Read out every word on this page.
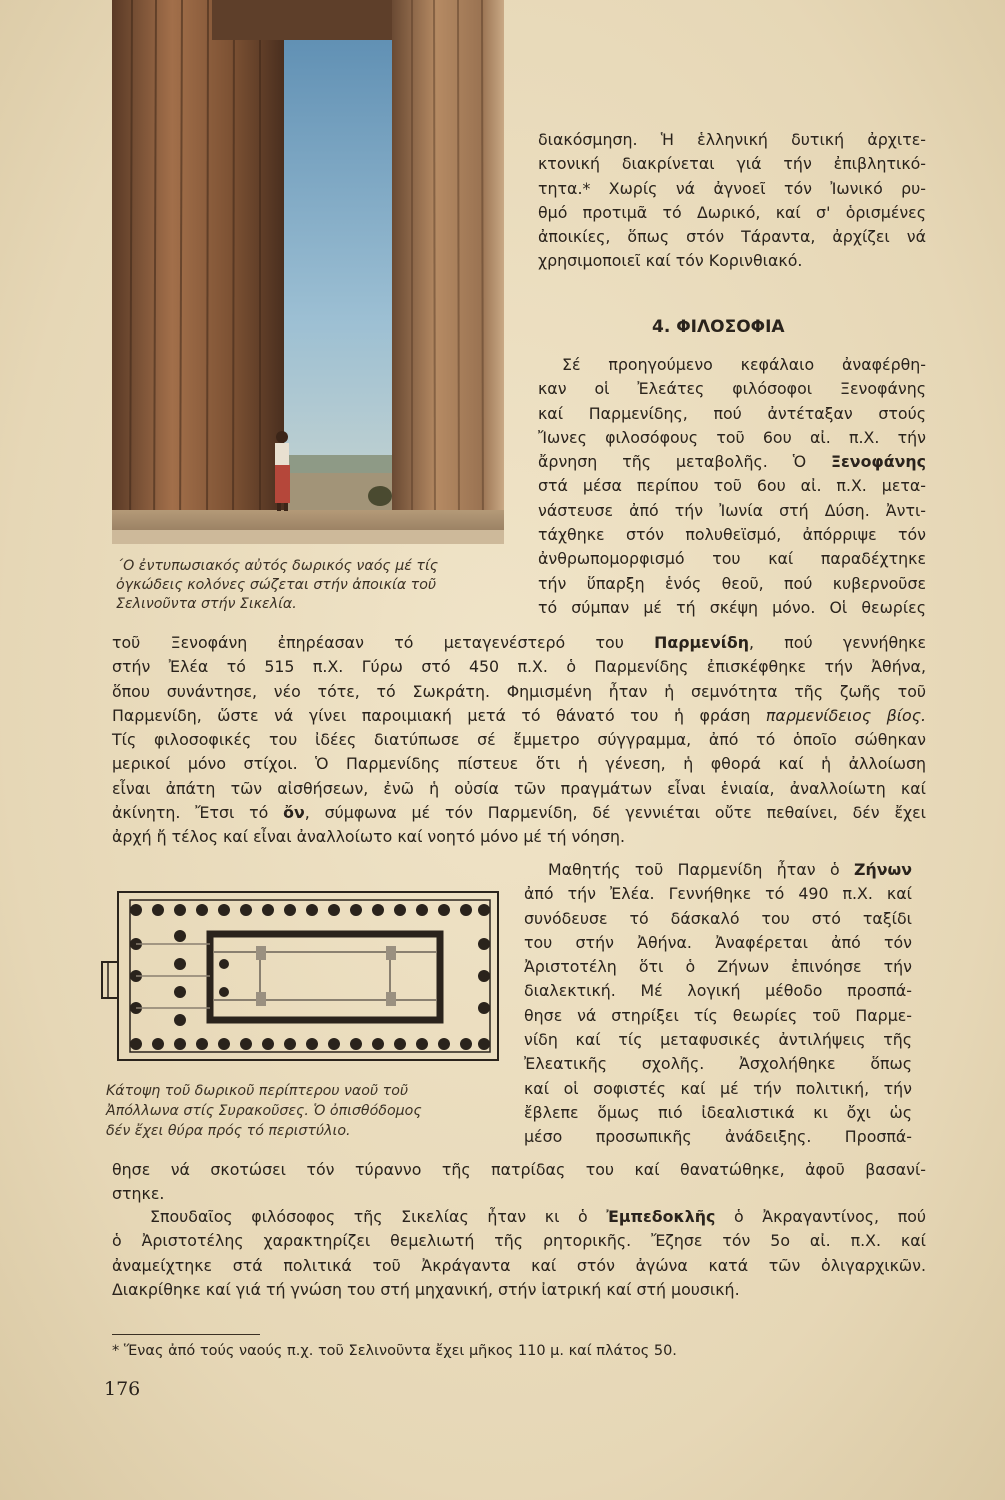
΄Ο ἐντυπωσιακός αὐτός δωρικός ναός μέ τίς
ὀγκώδεις κολόνες σώζεται στήν ἀποικία τοῦ
Σελινοῦντα στήν Σικελία.
διακόσμηση. Ἡ ἑλληνική δυτική ἀρχιτε-
κτονική διακρίνεται γιά τήν ἐπιβλητικό-
τητα.* Χωρίς νά ἀγνοεῖ τόν Ἰωνικό ρυ-
θμό προτιμᾶ τό Δωρικό, καί σ' ὁρισμένες
ἀποικίες, ὅπως στόν Τάραντα, ἀρχίζει νά
χρησιμοποιεῖ καί τόν Κορινθιακό.
4. ΦΙΛΟΣΟΦΙΑ
Σέ προηγούμενο κεφάλαιο ἀναφέρθη-
καν οἱ Ἐλεάτες φιλόσοφοι Ξενοφάνης
καί Παρμενίδης, πού ἀντέταξαν στούς
Ἴωνες φιλοσόφους τοῦ 6ου αἰ. π.Χ. τήν
ἄρνηση τῆς μεταβολῆς. Ὁ Ξενοφάνης
στά μέσα περίπου τοῦ 6ου αἰ. π.Χ. μετα-
νάστευσε ἀπό τήν Ἰωνία στή Δύση. Ἀντι-
τάχθηκε στόν πολυθεϊσμό, ἀπόρριψε τόν
ἀνθρωπομορφισμό του καί παραδέχτηκε
τήν ὕπαρξη ἑνός θεοῦ, πού κυβερνοῦσε
τό σύμπαν μέ τή σκέψη μόνο. Οἱ θεωρίες
τοῦ Ξενοφάνη ἐπηρέασαν τό μεταγενέστερό του Παρμενίδη, πού γεννήθηκε
στήν Ἐλέα τό 515 π.Χ. Γύρω στό 450 π.Χ. ὁ Παρμενίδης ἐπισκέφθηκε τήν Ἀθήνα,
ὅπου συνάντησε, νέο τότε, τό Σωκράτη. Φημισμένη ἦταν ἡ σεμνότητα τῆς ζωῆς τοῦ
Παρμενίδη, ὥστε νά γίνει παροιμιακή μετά τό θάνατό του ἡ φράση παρμενίδειος βίος.
Τίς φιλοσοφικές του ἰδέες διατύπωσε σέ ἔμμετρο σύγγραμμα, ἀπό τό ὁποῖο σώθηκαν
μερικοί μόνο στίχοι. Ὁ Παρμενίδης πίστευε ὅτι ἡ γένεση, ἡ φθορά καί ἡ ἀλλοίωση
εἶναι ἀπάτη τῶν αἰσθήσεων, ἐνῶ ἡ οὐσία τῶν πραγμάτων εἶναι ἑνιαία, ἀναλλοίωτη καί
ἀκίνητη. Ἔτσι τό ὄν, σύμφωνα μέ τόν Παρμενίδη, δέ γεννιέται οὔτε πεθαίνει, δέν ἔχει
ἀρχή ἤ τέλος καί εἶναι ἀναλλοίωτο καί νοητό μόνο μέ τή νόηση.
Κάτοψη τοῦ δωρικοῦ περίπτερου ναοῦ τοῦ
Ἀπόλλωνα στίς Συρακοῦσες. Ὁ ὀπισθόδομος
δέν ἔχει θύρα πρός τό περιστύλιο.
Μαθητής τοῦ Παρμενίδη ἦταν ὁ Ζήνων
ἀπό τήν Ἐλέα. Γεννήθηκε τό 490 π.Χ. καί
συνόδευσε τό δάσκαλό του στό ταξίδι
του στήν Ἀθήνα. Ἀναφέρεται ἀπό τόν
Ἀριστοτέλη ὅτι ὁ Ζήνων ἐπινόησε τήν
διαλεκτική. Μέ λογική μέθοδο προσπά-
θησε νά στηρίξει τίς θεωρίες τοῦ Παρμε-
νίδη καί τίς μεταφυσικές ἀντιλήψεις τῆς
Ἐλεατικῆς σχολῆς. Ἀσχολήθηκε ὅπως
καί οἱ σοφιστές καί μέ τήν πολιτική, τήν
ἔβλεπε ὅμως πιό ἰδεαλιστικά κι ὄχι ὡς
μέσο προσωπικῆς ἀνάδειξης. Προσπά-
θησε νά σκοτώσει τόν τύραννο τῆς πατρίδας του καί θανατώθηκε, ἀφοῦ βασανί-
στηκε.
Σπουδαῖος φιλόσοφος τῆς Σικελίας ἦταν κι ὁ Ἐμπεδοκλῆς ὁ Ἀκραγαντίνος, πού
ὁ Ἀριστοτέλης χαρακτηρίζει θεμελιωτή τῆς ρητορικῆς. Ἔζησε τόν 5ο αἰ. π.Χ. καί
ἀναμείχτηκε στά πολιτικά τοῦ Ἀκράγαντα καί στόν ἀγώνα κατά τῶν ὀλιγαρχικῶν.
Διακρίθηκε καί γιά τή γνώση του στή μηχανική, στήν ἰατρική καί στή μουσική.
* Ἕνας ἀπό τούς ναούς π.χ. τοῦ Σελινοῦντα ἔχει μῆκος 110 μ. καί πλάτος 50.
176
